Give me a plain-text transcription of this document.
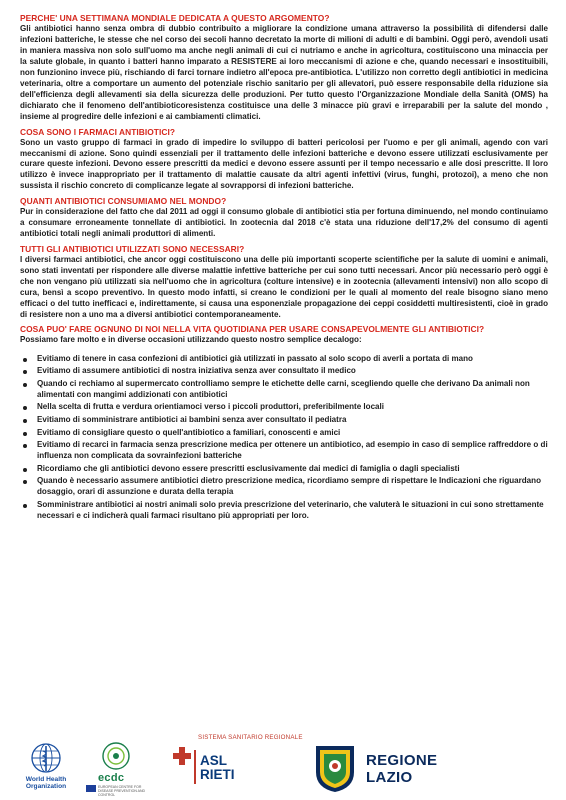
PERCHE' UNA SETTIMANA MONDIALE DEDICATA A QUESTO ARGOMENTO?

Gli antibiotici hanno senza ombra di dubbio contribuito a migliorare la condizione umana attraverso la possibilità di difendersi dalle infezioni batteriche, le stesse che nel corso dei secoli hanno decretato la morte di milioni di adulti e di bambini. Oggi però, avendoli usati in maniera massiva non solo sull'uomo ma anche negli animali di cui ci nutriamo e anche in agricoltura, costituiscono una minaccia per la salute globale, in quanto i batteri hanno imparato a RESISTERE ai loro meccanismi di azione e che, quando necessari e insostituibili, non funzionino invece più, rischiando di farci tornare indietro all'epoca pre-antibiotica. L'utilizzo non corretto degli antibiotici in medicina veterinaria, oltre a comportare un aumento del potenziale rischio sanitario per gli allevatori, può essere responsabile della riduzione sia dell'efficienza degli allevamenti sia della sicurezza delle produzioni. Per tutto questo l'Organizzazione Mondiale della Sanità (OMS) ha dichiarato che il fenomeno dell'antibioticoresistenza costituisce una delle 3 minacce più gravi e irreparabili per la salute del mondo , insieme al progredire delle infezioni e ai cambiamenti climatici.

COSA SONO I FARMACI ANTIBIOTICI?

Sono un vasto gruppo di farmaci in grado di impedire lo sviluppo di batteri pericolosi per l'uomo e per gli animali, agendo con vari meccanismi di azione. Sono quindi essenziali per il trattamento delle infezioni batteriche e devono essere utilizzati esclusivamente per curare queste infezioni. Devono essere prescritti da medici e devono essere assunti per il tempo necessario e alle dosi prescritte. Il loro utilizzo è invece inappropriato per il trattamento di malattie causate da altri agenti infettivi (virus, funghi, protozoi), a meno che non sussista il rischio concreto di complicanze legate al sovrapporsi di infezioni batteriche.

QUANTI ANTIBIOTICI CONSUMIAMO NEL MONDO?

Pur in considerazione del fatto che dal 2011 ad oggi il consumo globale di antibiotici stia per fortuna diminuendo, nel mondo continuiamo a consumare erroneamente tonnellate di antibiotici. In zootecnia dal 2018 c'è stata una riduzione dell'17,2% del consumo di agenti antibiotici totali negli animali produttori di alimenti.

TUTTI GLI ANTIBIOTICI UTILIZZATI SONO NECESSARI?

I diversi farmaci antibiotici, che ancor oggi costituiscono una delle più importanti scoperte scientifiche per la salute di uomini e animali, sono stati inventati per rispondere alle diverse malattie infettive batteriche per cui sono tutti necessari. Ancor più necessario però oggi è che non vengano più utilizzati sia nell'uomo che in agricoltura (colture intensive) e in zootecnia (allevamenti intensivi) non allo scopo di cura, bensì a scopo preventivo. In questo modo infatti, si creano le condizioni per le quali al momento del reale bisogno siano meno efficaci o del tutto inefficaci e, indirettamente, si causa una esponenziale propagazione dei ceppi cosiddetti multiresistenti, cioè in grado di resistere non a uno ma a diversi antibiotici contemporaneamente.

COSA PUO' FARE OGNUNO DI NOI NELLA VITA QUOTIDIANA PER USARE CONSAPEVOLMENTE GLI ANTIBIOTICI?

Possiamo fare molto e in diverse occasioni utilizzando questo nostro semplice decalogo:

Evitiamo di tenere in casa confezioni di antibiotici già utilizzati in passato al solo scopo di averli a portata di mano
Evitiamo di assumere antibiotici di nostra iniziativa senza aver consultato il medico
Quando ci rechiamo al supermercato controlliamo sempre le etichette delle carni, scegliendo quelle che derivano Da animali non alimentati con mangimi addizionati con antibiotici
Nella scelta di frutta e verdura orientiamoci verso i piccoli produttori, preferibilmente locali
Evitiamo di somministrare antibiotici ai bambini senza aver consultato il pediatra
Evitiamo di consigliare questo o quell'antibiotico a familiari, conoscenti e amici
Evitiamo di recarci in farmacia senza prescrizione medica per ottenere un antibiotico, ad esempio in caso di semplice raffreddore o di influenza non complicata da sovrainfezioni batteriche
Ricordiamo che gli antibiotici devono essere prescritti esclusivamente dai medici di famiglia o dagli specialisti
Quando è necessario assumere antibiotici dietro prescrizione medica, ricordiamo sempre di rispettare le Indicazioni che riguardano dosaggio, orari di assunzione e durata della terapia
Somministrare antibiotici ai nostri animali solo previa prescrizione del veterinario, che valuterà le situazioni in cui sono strettamente necessari e ci indicherà quali farmaci risultano più appropriati per loro.
World Health
Organization
ecdc
EUROPEAN CENTRE FOR DISEASE PREVENTION AND CONTROL
SISTEMA SANITARIO REGIONALE
ASL
RIETI
REGIONE
LAZIO
